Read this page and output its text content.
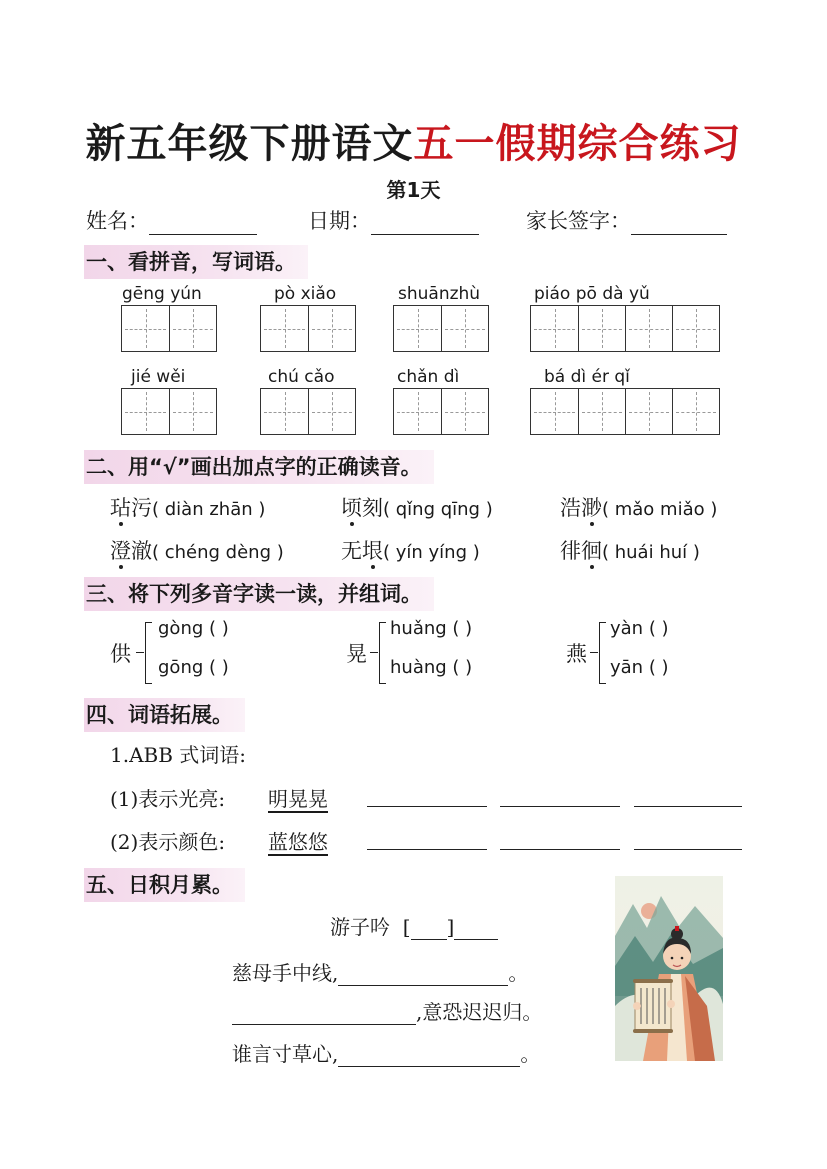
新五年级下册语文五一假期综合练习
第1天
姓名：	日期：	家长签字：
一、看拼音，写词语。
gēng yún	pò xiǎo	shuānzhù	piáo pō dà yǔ
jié wěi	chú cǎo	chǎn dì	bá dì ér qǐ
二、用“√”画出加点字的正确读音。
玷污( diàn zhān )	顷刻( qǐng qīng )	浩渺( mǎo miǎo )
澄澈( chéng dèng )	无垠( yín yíng )	徘徊( huái huí )
三、将下列多音字读一读，并组词。
供
gòng ( )
gōng ( )
晃
huǎng ( )
huàng ( )
燕
yàn ( )
yān ( )
四、词语拓展。
1.ABB 式词语:
(1)表示光亮: 明晃晃
(2)表示颜色: 蓝悠悠
五、日积月累。
游子吟 [ ]
慈母手中线,	。
,意恐迟迟归。
谁言寸草心,	。
